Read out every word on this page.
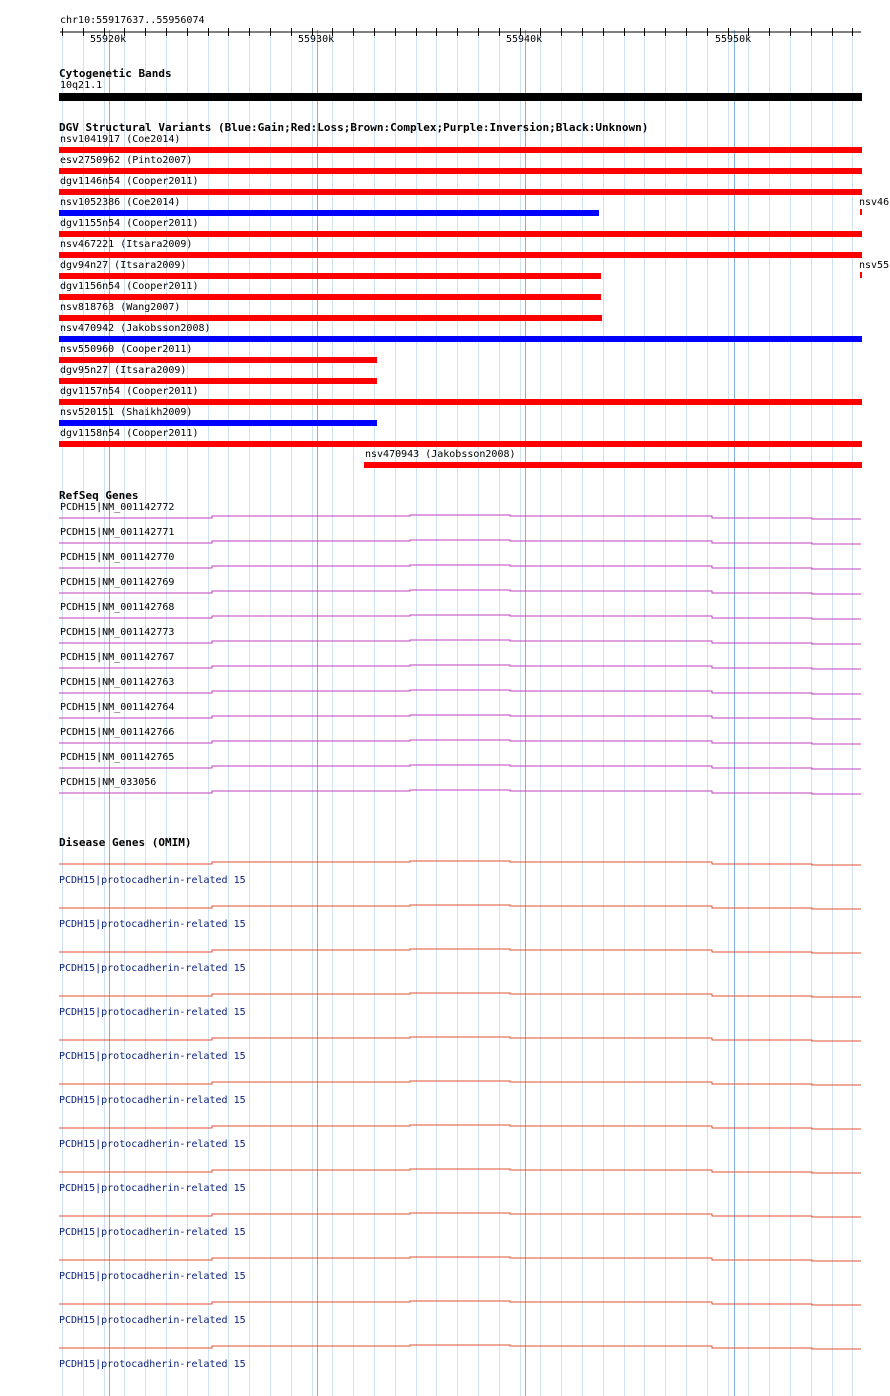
chr10:55917637..55956074
55920k	55930k	55940k	55950k
Cytogenetic Bands
10q21.1
DGV Structural Variants (Blue:Gain;Red:Loss;Brown:Complex;Purple:Inversion;Black:Unknown)
nsv1041917 (Coe2014)
esv2750962 (Pinto2007)
dgv1146n54 (Cooper2011)
nsv1052386 (Coe2014)
dgv1155n54 (Cooper2011)
nsv467221 (Itsara2009)
dgv94n27 (Itsara2009)
dgv1156n54 (Cooper2011)
nsv818763 (Wang2007)
nsv470942 (Jakobsson2008)
nsv550960 (Cooper2011)
dgv95n27 (Itsara2009)
dgv1157n54 (Cooper2011)
nsv520151 (Shaikh2009)
dgv1158n54 (Cooper2011)
nsv470943 (Jakobsson2008)
nsv46
nsv55
RefSeq Genes
PCDH15|NM_001142772
PCDH15|NM_001142771
PCDH15|NM_001142770
PCDH15|NM_001142769
PCDH15|NM_001142768
PCDH15|NM_001142773
PCDH15|NM_001142767
PCDH15|NM_001142763
PCDH15|NM_001142764
PCDH15|NM_001142766
PCDH15|NM_001142765
PCDH15|NM_033056
Disease Genes (OMIM)
PCDH15|protocadherin-related 15
PCDH15|protocadherin-related 15
PCDH15|protocadherin-related 15
PCDH15|protocadherin-related 15
PCDH15|protocadherin-related 15
PCDH15|protocadherin-related 15
PCDH15|protocadherin-related 15
PCDH15|protocadherin-related 15
PCDH15|protocadherin-related 15
PCDH15|protocadherin-related 15
PCDH15|protocadherin-related 15
PCDH15|protocadherin-related 15
